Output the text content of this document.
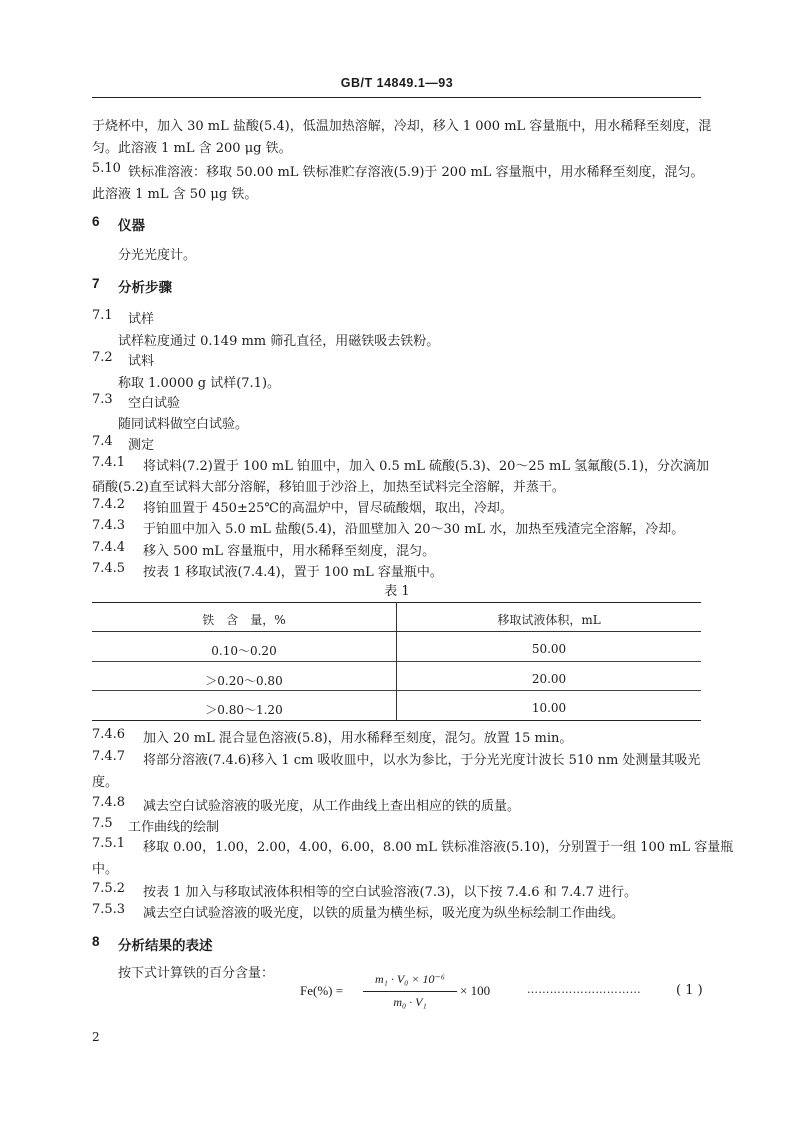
GB/T 14849.1—93
于烧杯中，加入 30 mL 盐酸(5.4)，低温加热溶解，冷却，移入 1 000 mL 容量瓶中，用水稀释至刻度，混
匀。此溶液 1 mL 含 200 μg 铁。
5.10 铁标准溶液：移取 50.00 mL 铁标准贮存溶液(5.9)于 200 mL 容量瓶中，用水稀释至刻度，混匀。
此溶液 1 mL 含 50 μg 铁。
6 仪器
分光光度计。
7 分析步骤
7.1 试样
试样粒度通过 0.149 mm 筛孔直径，用磁铁吸去铁粉。
7.2 试料
称取 1.0000 g 试样(7.1)。
7.3 空白试验
随同试料做空白试验。
7.4 测定
7.4.1 将试料(7.2)置于 100 mL 铂皿中，加入 0.5 mL 硫酸(5.3)、20～25 mL 氢氟酸(5.1)，分次滴加
硝酸(5.2)直至试料大部分溶解，移铂皿于沙浴上，加热至试料完全溶解，并蒸干。
7.4.2 将铂皿置于 450±25℃的高温炉中，冒尽硫酸烟，取出，冷却。
7.4.3 于铂皿中加入 5.0 mL 盐酸(5.4)，沿皿壁加入 20～30 mL 水，加热至残渣完全溶解，冷却。
7.4.4 移入 500 mL 容量瓶中，用水稀释至刻度，混匀。
7.4.5 按表 1 移取试液(7.4.4)，置于 100 mL 容量瓶中。
表 1
铁　含　量，%	移取试液体积，mL
0.10～0.20	50.00
＞0.20～0.80	20.00
＞0.80～1.20	10.00
7.4.6 加入 20 mL 混合显色溶液(5.8)，用水稀释至刻度，混匀。放置 15 min。
7.4.7 将部分溶液(7.4.6)移入 1 cm 吸收皿中，以水为参比，于分光光度计波长 510 nm 处测量其吸光
度。
7.4.8 减去空白试验溶液的吸光度，从工作曲线上查出相应的铁的质量。
7.5 工作曲线的绘制
7.5.1 移取 0.00，1.00，2.00，4.00，6.00，8.00 mL 铁标准溶液(5.10)，分别置于一组 100 mL 容量瓶
中。
7.5.2 按表 1 加入与移取试液体积相等的空白试验溶液(7.3)，以下按 7.4.6 和 7.4.7 进行。
7.5.3 减去空白试验溶液的吸光度，以铁的质量为横坐标，吸光度为纵坐标绘制工作曲线。
8 分析结果的表述
按下式计算铁的百分含量：
Fe(%) =
m₁ · V₀ × 10⁻⁶
m₀ · V₁
× 100	…………………………	( 1 )
2
